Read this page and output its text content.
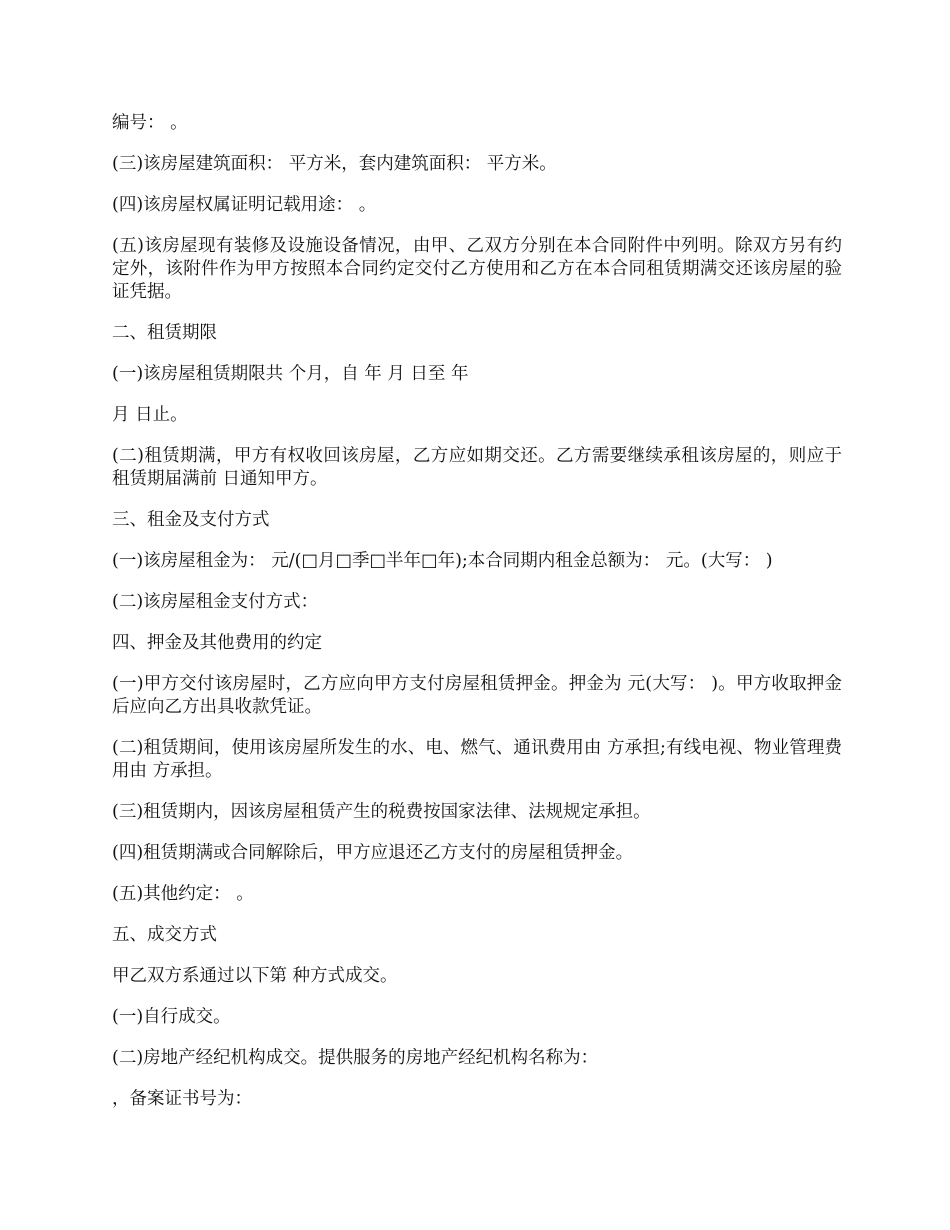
编号： 。

(三)该房屋建筑面积： 平方米，套内建筑面积： 平方米。

(四)该房屋权属证明记载用途： 。

(五)该房屋现有装修及设施设备情况，由甲、乙双方分别在本合同附件中列明。除双方另有约定外，该附件作为甲方按照本合同约定交付乙方使用和乙方在本合同租赁期满交还该房屋的验证凭据。

二、租赁期限

(一)该房屋租赁期限共 个月，自 年 月 日至 年

月 日止。

(二)租赁期满，甲方有权收回该房屋，乙方应如期交还。乙方需要继续承租该房屋的，则应于租赁期届满前 日通知甲方。

三、租金及支付方式

(一)该房屋租金为： 元/(□月□季□半年□年);本合同期内租金总额为： 元。(大写： )

(二)该房屋租金支付方式：

四、押金及其他费用的约定

(一)甲方交付该房屋时，乙方应向甲方支付房屋租赁押金。押金为 元(大写： )。甲方收取押金后应向乙方出具收款凭证。

(二)租赁期间，使用该房屋所发生的水、电、燃气、通讯费用由 方承担;有线电视、物业管理费用由 方承担。

(三)租赁期内，因该房屋租赁产生的税费按国家法律、法规规定承担。

(四)租赁期满或合同解除后，甲方应退还乙方支付的房屋租赁押金。

(五)其他约定： 。

五、成交方式

甲乙双方系通过以下第 种方式成交。

(一)自行成交。

(二)房地产经纪机构成交。提供服务的房地产经纪机构名称为：

，备案证书号为：
